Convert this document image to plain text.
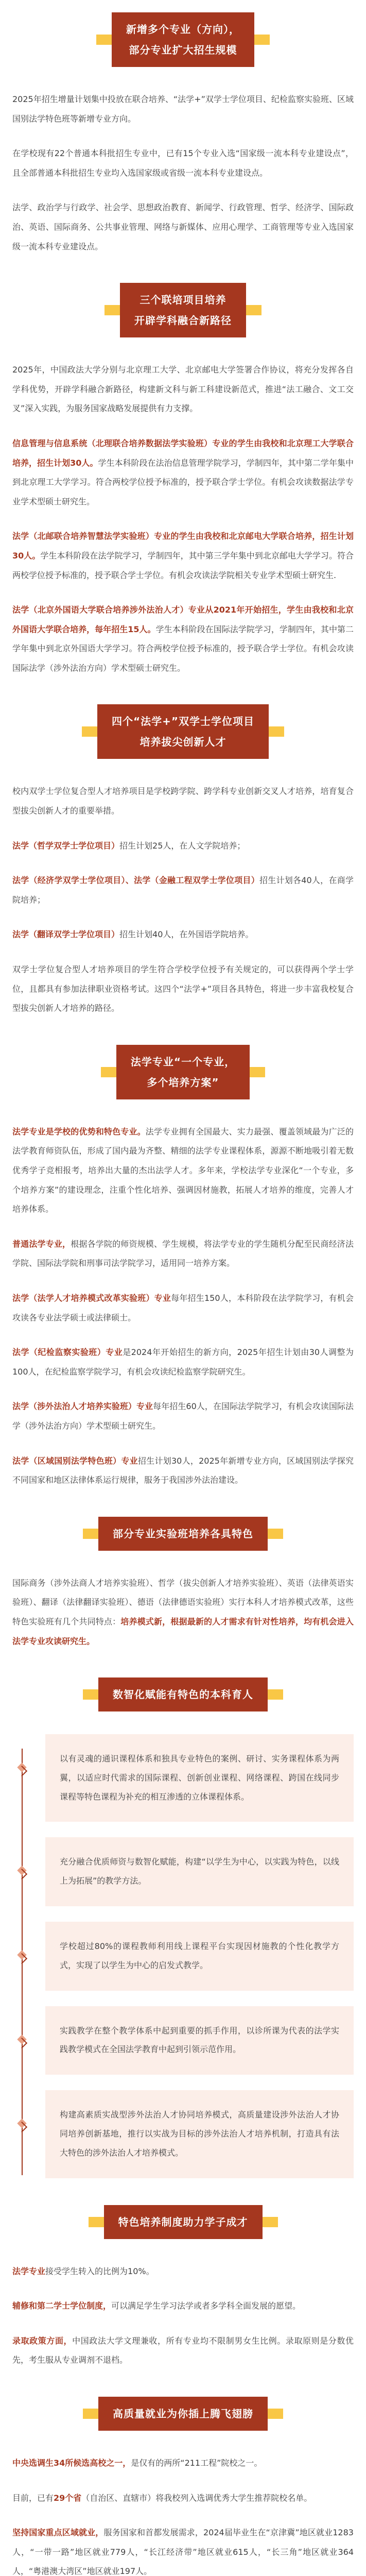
新增多个专业（方向），
部分专业扩大招生规模

2025年招生增量计划集中投放在联合培养、“法学+”双学士学位项目、纪检监察实验班、区域国别法学特色班等新增专业方向。

在学校现有22个普通本科批招生专业中，已有15个专业入选“国家级一流本科专业建设点”，且全部普通本科批招生专业均入选国家级或省级一流本科专业建设点。

法学、政治学与行政学、社会学、思想政治教育、新闻学、行政管理、哲学、经济学、国际政治、英语、国际商务、公共事业管理、网络与新媒体、应用心理学、工商管理等专业入选国家级一流本科专业建设点。

三个联培项目培养
开辟学科融合新路径

2025年，中国政法大学分别与北京理工大学、北京邮电大学签署合作协议，将充分发挥各自学科优势，开辟学科融合新路径，构建新文科与新工科建设新范式，推进“法工融合、文工交叉”深入实践，为服务国家战略发展提供有力支撑。

信息管理与信息系统（北理联合培养数据法学实验班）专业的学生由我校和北京理工大学联合培养，招生计划30人。学生本科阶段在法治信息管理学院学习，学制四年，其中第二学年集中到北京理工大学学习。符合两校学位授予标准的，授予联合学士学位。有机会攻读数据法学专业学术型硕士研究生。

法学（北邮联合培养智慧法学实验班）专业的学生由我校和北京邮电大学联合培养，招生计划30人。学生本科阶段在法学院学习，学制四年，其中第三学年集中到北京邮电大学学习。符合两校学位授予标准的，授予联合学士学位。有机会攻读法学院相关专业学术型硕士研究生.

法学（北京外国语大学联合培养涉外法治人才）专业从2021年开始招生，学生由我校和北京外国语大学联合培养，每年招生15人。学生本科阶段在国际法学院学习，学制四年，其中第二学年集中到北京外国语大学学习。符合两校学位授予标准的，授予联合学士学位。有机会攻读国际法学（涉外法治方向）学术型硕士研究生。

四个“法学+”双学士学位项目
培养拔尖创新人才

校内双学士学位复合型人才培养项目是学校跨学院、跨学科专业创新交叉人才培养，培育复合型拔尖创新人才的重要举措。

法学（哲学双学士学位项目）招生计划25人，在人文学院培养；

法学（经济学双学士学位项目）、法学（金融工程双学士学位项目）招生计划各40人，在商学院培养；

法学（翻译双学士学位项目）招生计划40人，在外国语学院培养。

双学士学位复合型人才培养项目的学生符合学校学位授予有关规定的，可以获得两个学士学位，且都具有参加法律职业资格考试。这四个“法学+”项目各具特色，将进一步丰富我校复合型拔尖创新人才培养的路径。

法学专业“一个专业，
多个培养方案”

法学专业是学校的优势和特色专业。法学专业拥有全国最大、实力最强、覆盖领域最为广泛的法学教育师资队伍，形成了国内最为齐整、精细的法学专业课程体系，源源不断地吸引着无数优秀学子竞相报考，培养出大量的杰出法学人才。多年来，学校法学专业深化“一个专业，多个培养方案”的建设理念，注重个性化培养、强调因材施教，拓展人才培养的维度，完善人才培养体系。

普通法学专业，根据各学院的师资规模、学生规模，将法学专业的学生随机分配至民商经济法学院、国际法学院和刑事司法学院学习，适用同一培养方案。

法学（法学人才培养模式改革实验班）专业每年招生150人，本科阶段在法学院学习，有机会攻读各专业法学硕士或法律硕士。

法学（纪检监察实验班）专业是2024年开始招生的新方向，2025年招生计划由30人调整为100人，在纪检监察学院学习，有机会攻读纪检监察学院研究生。

法学（涉外法治人才培养实验班）专业每年招生60人，在国际法学院学习，有机会攻读国际法学（涉外法治方向）学术型硕士研究生。

法学（区域国别法学特色班）专业招生计划30人，2025年新增专业方向，区域国别法学探究不同国家和地区法律体系运行规律，服务于我国涉外法治建设。

部分专业实验班培养各具特色

国际商务（涉外法商人才培养实验班）、哲学（拔尖创新人才培养实验班）、英语（法律英语实验班）、翻译（法律翻译实验班）、德语（法律德语实验班）实行本科人才培养模式改革，这些特色实验班有几个共同特点：培养模式新，根据最新的人才需求有针对性培养，均有机会进入法学专业攻读研究生。

数智化赋能有特色的本科育人
以有灵魂的通识课程体系和独具专业特色的案例、研讨、实务课程体系为两翼，以适应时代需求的国际课程、创新创业课程、网络课程、跨国在线同步课程等特色课程为补充的相互渗透的立体课程体系。
充分融合优质师资与数智化赋能，构建“以学生为中心，以实践为特色，以线上为拓展”的教学方法。
学校超过80%的课程教师利用线上课程平台实现因材施教的个性化教学方式，实现了以学生为中心的启发式教学。
实践教学在整个教学体系中起到重要的抓手作用，以诊所课为代表的法学实践教学模式在全国法学教育中起到引领示范作用。
构建高素质实战型涉外法治人才协同培养模式，高质量建设涉外法治人才协同培养创新基地，推行以实战为目标的涉外法治人才培养机制，打造具有法大特色的涉外法治人才培养模式。
特色培养制度助力学子成才

法学专业接受学生转入的比例为10%。

辅修和第二学士学位制度，可以满足学生学习法学或者多学科全面发展的愿望。

录取政策方面，中国政法大学文理兼收，所有专业均不限制男女生比例。录取原则是分数优先，考生服从专业调剂不退档。

高质量就业为你插上腾飞翅膀

中央选调生34所候选高校之一，是仅有的两所“211工程”院校之一。

目前，已有29个省（自治区、直辖市）将我校列入选调优秀大学生推荐院校名单。

坚持国家重点区域就业，服务国家和首都发展需求，2024届毕业生在“京津冀”地区就业1283人，“一带一路”地区就业779人，“长江经济带”地区就业615人，“长三角”地区就业364人，“粤港澳大湾区”地区就业197人。
